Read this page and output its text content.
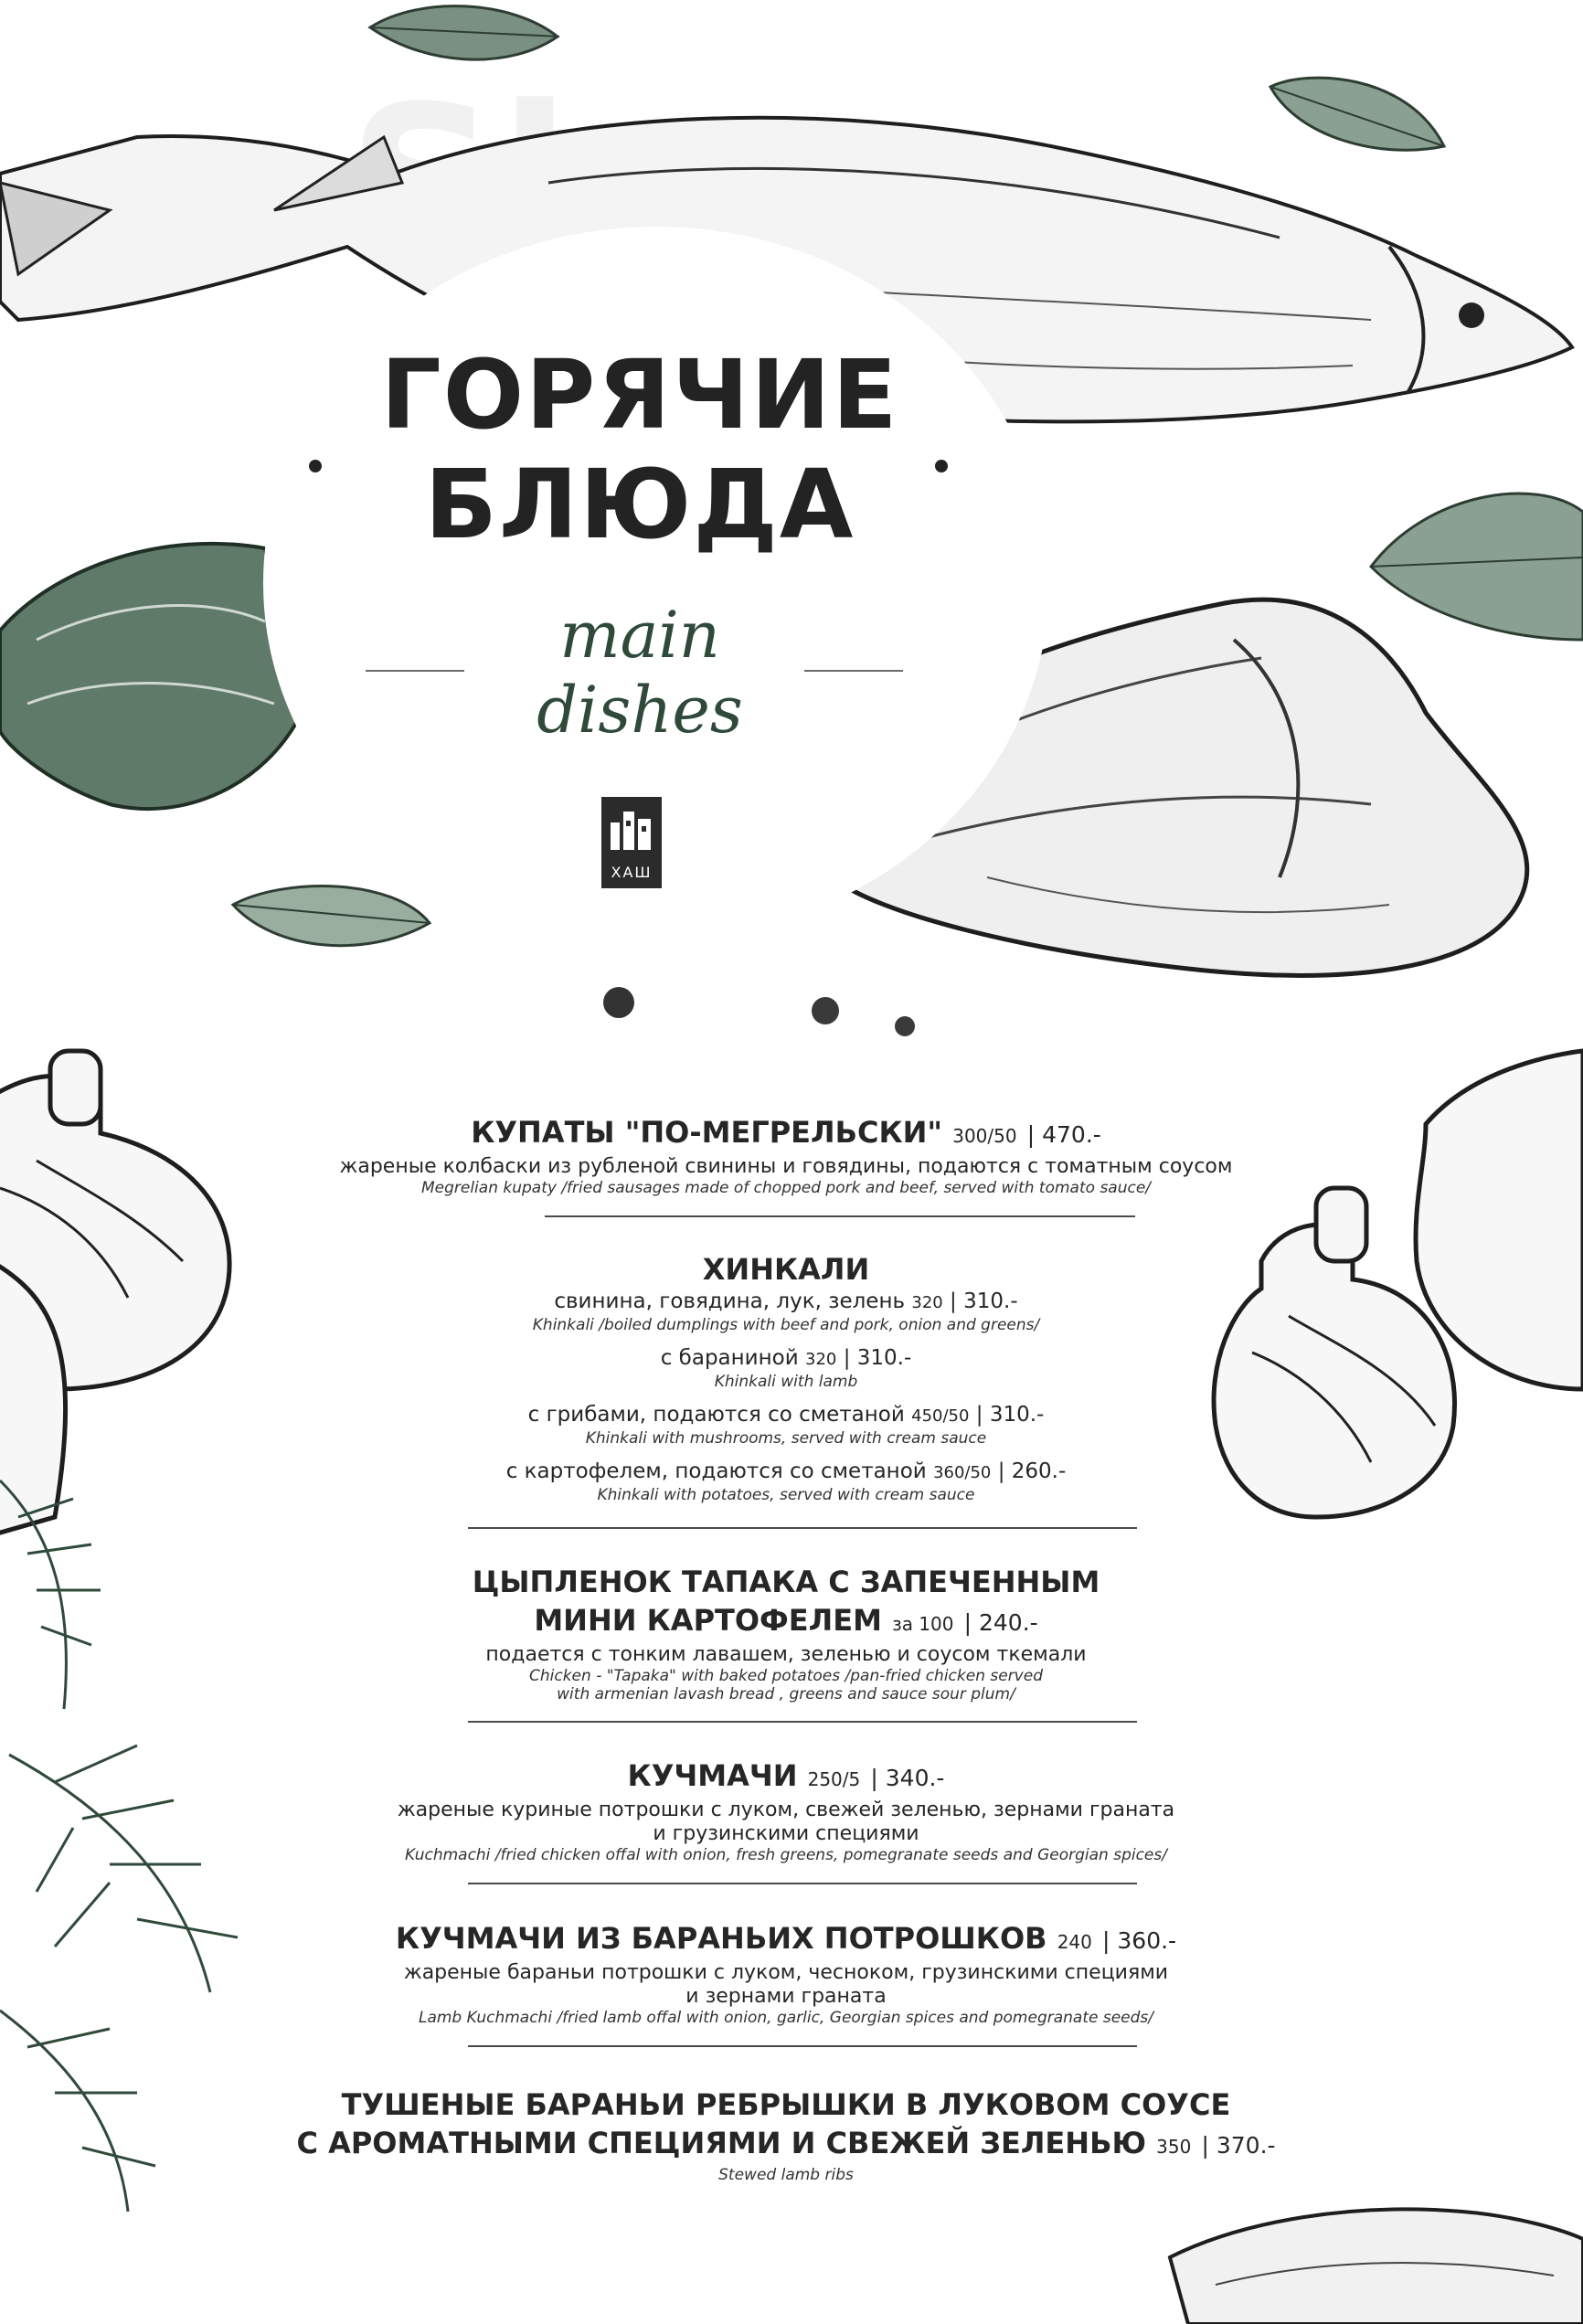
ГОРЯЧИЕ
БЛЮДА
main
dishes
ХАШ
КУПАТЫ "ПО-МЕГРЕЛЬСКИ" 300/50 | 470.-
жареные колбаски из рубленой свинины и говядины, подаются с томатным соусом
Megrelian kupaty /fried sausages made of chopped pork and beef, served with tomato sauce/
ХИНКАЛИ
свинина, говядина, лук, зелень 320 | 310.-
Khinkali /boiled dumplings with beef and pork, onion and greens/
с бараниной 320 | 310.-
Khinkali with lamb
с грибами, подаются со сметаной 450/50 | 310.-
Khinkali with mushrooms, served with cream sauce
с картофелем, подаются со сметаной 360/50 | 260.-
Khinkali with potatoes, served with cream sauce
ЦЫПЛЕНОК ТАПАКА С ЗАПЕЧЕННЫМ
МИНИ КАРТОФЕЛЕМ за 100 | 240.-
подается с тонким лавашем, зеленью и соусом ткемали
Chicken - "Tapaka" with baked potatoes /pan-fried chicken served
with armenian lavash bread , greens and sauce sour plum/
КУЧМАЧИ 250/5 | 340.-
жареные куриные потрошки с луком, свежей зеленью, зернами граната
и грузинскими специями
Kuchmachi /fried chicken offal with onion, fresh greens, pomegranate seeds and Georgian spices/
КУЧМАЧИ ИЗ БАРАНЬИХ ПОТРОШКОВ 240 | 360.-
жареные бараньи потрошки с луком, чесноком, грузинскими специями
и зернами граната
Lamb Kuchmachi /fried lamb offal with onion, garlic, Georgian spices and pomegranate seeds/
ТУШЕНЫЕ БАРАНЬИ РЕБРЫШКИ В ЛУКОВОМ СОУСЕ
С АРОМАТНЫМИ СПЕЦИЯМИ И СВЕЖЕЙ ЗЕЛЕНЬЮ 350 | 370.-
Stewed lamb ribs
